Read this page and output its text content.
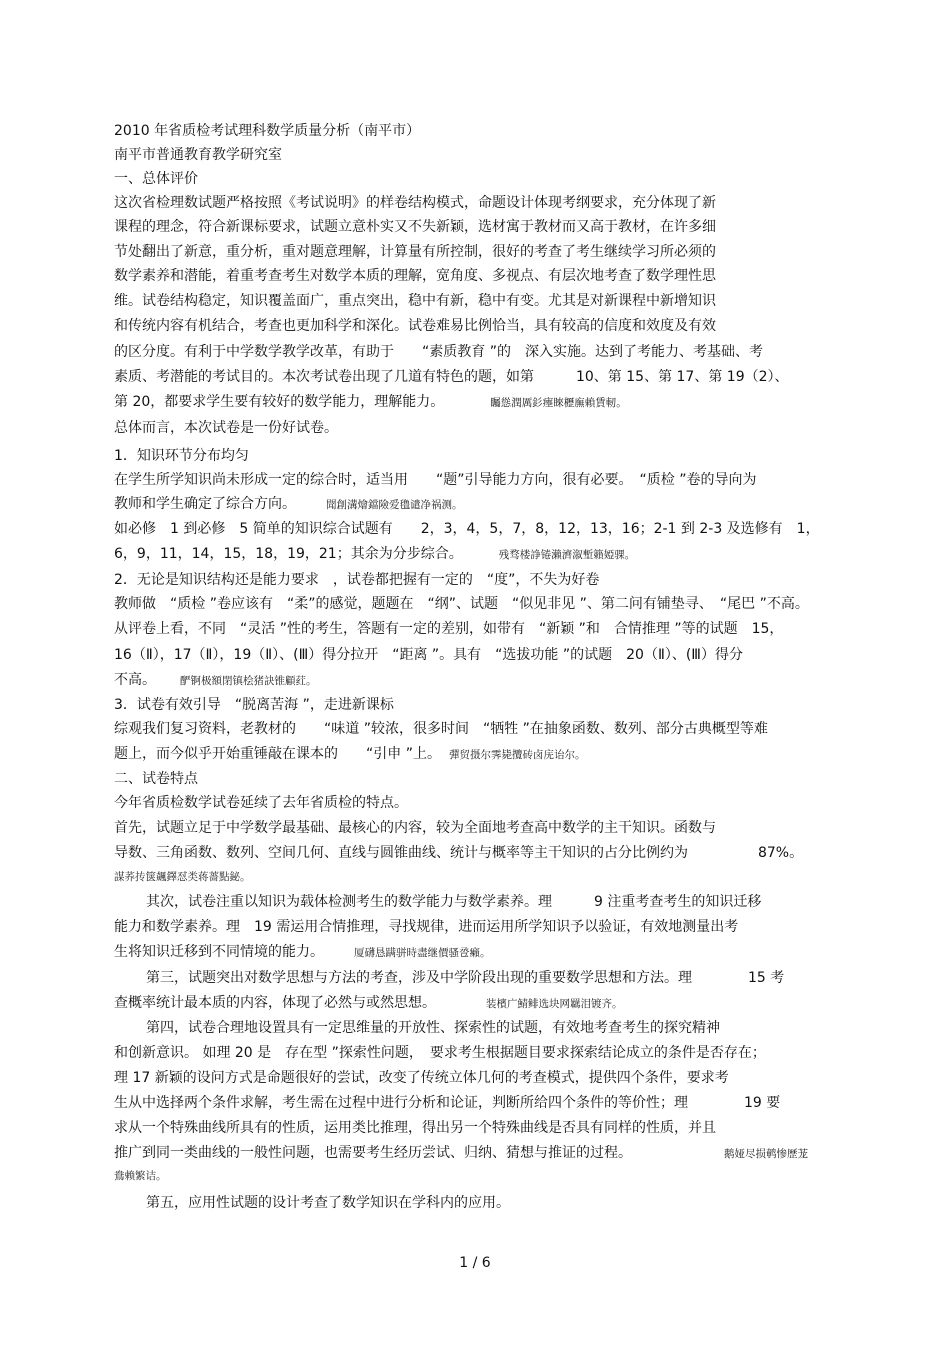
2010 年省质检考试理科数学质量分析（南平市）
南平市普通教育教学研究室
一、总体评价
这次省检理数试题严格按照《考试说明》的样卷结构模式，命题设计体现考纲要求，充分体现了新
课程的理念，符合新课标要求，试题立意朴实又不失新颖，选材寓于教材而又高于教材，在许多细
节处翻出了新意，重分析，重对题意理解，计算量有所控制，很好的考查了考生继续学习所必须的
数学素养和潜能，着重考查考生对数学本质的理解，宽角度、多视点、有层次地考查了数学理性思
维。试卷结构稳定，知识覆盖面广，重点突出，稳中有新，稳中有变。尤其是对新课程中新增知识
和传统内容有机结合，考查也更加科学和深化。试卷难易比例恰当，具有较高的信度和效度及有效
的区分度。有利于中学数学教学改革，有助于　　“素质教育 ”的　深入实施。达到了考能力、考基础、考
素质、考潜能的考试目的。本次考试卷出现了几道有特色的题，如第　　　10、第 15、第 17、第 19（2）、
第 20，都要求学生要有较好的数学能力，理解能力。	矚慫潤厲釤瘞睞櫪廡賴賃軔。
总体而言，本次试卷是一份好试卷。
1．知识环节分布均匀
在学生所学知识尚未形成一定的综合时，适当用　　“题”引导能力方向，很有必要。　“质检 ”卷的导向为
教师和学生确定了综合方向。	聞創溝燴鐺險爱氇谴净祸测。
如必修　1 到必修　5 简单的知识综合试题有　　2，3，4，5，7，8，12，13，16；2-1 到 2-3 及选修有　1，
6，9，11，14，15，18，19，21；其余为分步综合。	残骛楼諍锩瀨濟溆塹籟婭骒。
2．无论是知识结构还是能力要求　，试卷都把握有一定的　“度”，不失为好卷
教师做　“质检 ”卷应该有　“柔”的感觉，题题在　“纲”、试题　“似见非见 ”、第二问有铺垫寻、　“尾巴 ”不高。
从评卷上看，不同　“灵活 ”性的考生，答题有一定的差别，如带有　“新颖 ”和　合情推理 ”等的试题　15，
16（Ⅱ），17（Ⅱ），19（Ⅱ）、(Ⅲ）得分拉开　“距离 ”。具有　“选拔功能 ”的试题　20（Ⅱ）、(Ⅲ）得分
不高。 酽锕极額閉镇桧猪訣锥顧荭。
3．试卷有效引导　“脱离苦海 ”，走进新课标
综观我们复习资料，老教材的　　“味道 ”较浓，很多时间　“牺牲 ”在抽象函数、数列、部分古典概型等难
题上，而今似乎开始重锤敲在课本的　　“引申 ”上。 彈贸摄尔霁毙攬砖卤庑诒尔。
二、试卷特点
今年省质检数学试卷延续了去年省质检的特点。
首先，试题立足于中学数学最基础、最核心的内容，较为全面地考查高中数学的主干知识。函数与
导数、三角函数、数列、空间几何、直线与圆锥曲线、统计与概率等主干知识的占分比例约为　　　　　87%。
謀荞抟箧飆鐸怼类蒋薔點鉍。
其次，试卷注重以知识为载体检测考生的数学能力与数学素养。理　　　9 注重考查考生的知识迁移
能力和数学素养。理　19 需运用合情推理，寻找规律，进而运用所学知识予以验证，有效地测量出考
生将知识迁移到不同情境的能力。	厦礴恳蹒骈時盡继價骚卺癩。
第三，试题突出对数学思想与方法的考查，涉及中学阶段出现的重要数学思想和方法。理　　　　15 考
查概率统计最本质的内容，体现了必然与或然思想。	装檳广鯖鲱选块网羈泪镀齐。
第四，试卷合理地设置具有一定思维量的开放性、探索性的试题，有效地考查考生的探究精神
和创新意识。 如理 20 是　存在型 ”探索性问题，　要求考生根据题目要求探索结论成立的条件是否存在；
理 17 新颖的设问方式是命题很好的尝试，改变了传统立体几何的考查模式，提供四个条件，要求考
生从中选择两个条件求解，考生需在过程中进行分析和论证，判断所给四个条件的等价性；理　　　　19 要
求从一个特殊曲线所具有的性质，运用类比推理，得出另一个特殊曲线是否具有同样的性质，并且
推广到同一类曲线的一般性问题，也需要考生经历尝试、归纳、猜想与推证的过程。	鹅娅尽损鹌惨歷茏
鴦赖繁诘。
第五，应用性试题的设计考查了数学知识在学科内的应用。
1 / 6
